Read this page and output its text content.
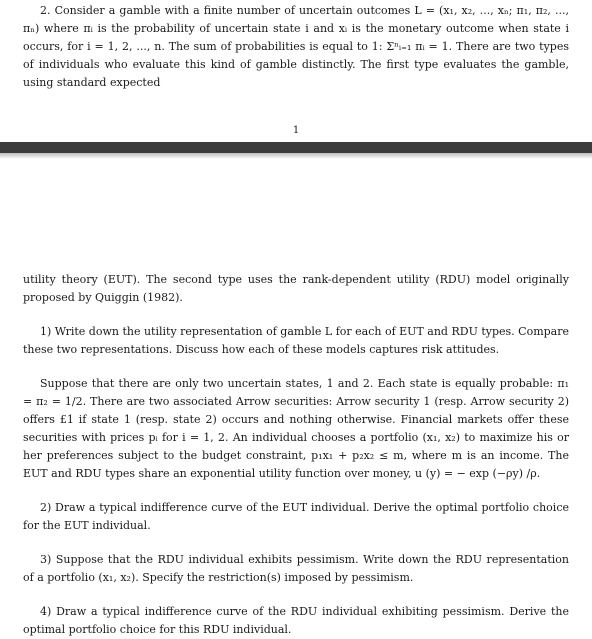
2. Consider a gamble with a finite number of uncertain outcomes L = (x₁, x₂, ..., xₙ; π₁, π₂, ..., πₙ) where πᵢ is the probability of uncertain state i and xᵢ is the monetary outcome when state i occurs, for i = 1, 2, ..., n. The sum of probabilities is equal to 1: Σⁿᵢ₌₁ πᵢ = 1. There are two types of individuals who evaluate this kind of gamble distinctly. The first type evaluates the gamble, using standard expected

1

utility theory (EUT). The second type uses the rank-dependent utility (RDU) model originally proposed by Quiggin (1982).

1) Write down the utility representation of gamble L for each of EUT and RDU types. Compare these two representations. Discuss how each of these models captures risk attitudes.

Suppose that there are only two uncertain states, 1 and 2. Each state is equally probable: π₁ = π₂ = 1/2. There are two associated Arrow securities: Arrow security 1 (resp. Arrow security 2) offers £1 if state 1 (resp. state 2) occurs and nothing otherwise. Financial markets offer these securities with prices pᵢ for i = 1, 2. An individual chooses a portfolio (x₁, x₂) to maximize his or her preferences subject to the budget constraint, p₁x₁ + p₂x₂ ≤ m, where m is an income. The EUT and RDU types share an exponential utility function over money, u (y) = − exp (−ρy) /ρ.

2) Draw a typical indifference curve of the EUT individual. Derive the optimal portfolio choice for the EUT individual.

3) Suppose that the RDU individual exhibits pessimism. Write down the RDU representation of a portfolio (x₁, x₂). Specify the restriction(s) imposed by pessimism.

4) Draw a typical indifference curve of the RDU individual exhibiting pessimism. Derive the optimal portfolio choice for this RDU individual.
